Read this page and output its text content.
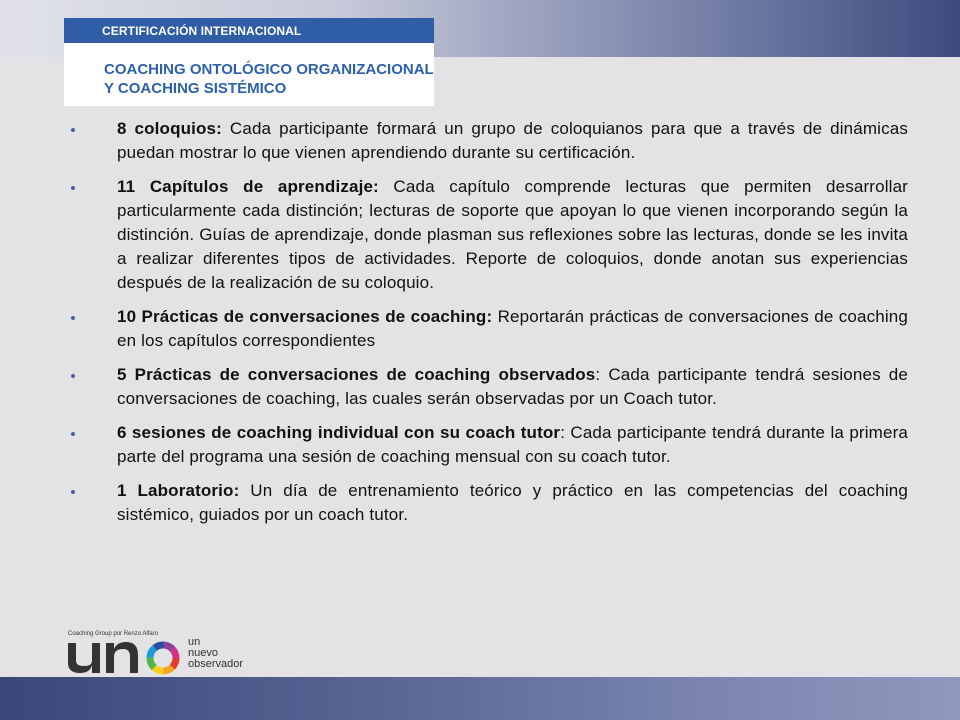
CERTIFICACIÓN INTERNACIONAL
COACHING ONTOLÓGICO ORGANIZACIONAL
Y COACHING SISTÉMICO
8 coloquios: Cada participante formará un grupo de coloquianos para que a través de dinámicas puedan mostrar lo que vienen aprendiendo durante su certificación.
11 Capítulos de aprendizaje: Cada capítulo comprende lecturas que permiten desarrollar particularmente cada distinción; lecturas de soporte que apoyan lo que vienen incorporando según la distinción. Guías de aprendizaje, donde plasman sus reflexiones sobre las lecturas, donde se les invita a realizar diferentes tipos de actividades. Reporte de coloquios, donde anotan sus experiencias después de la realización de su coloquio.
10 Prácticas de conversaciones de coaching: Reportarán prácticas de conversaciones de coaching en los capítulos correspondientes
5 Prácticas de conversaciones de coaching observados: Cada participante tendrá sesiones de conversaciones de coaching, las cuales serán observadas por un Coach tutor.
6 sesiones de coaching individual con su coach tutor: Cada participante tendrá durante la primera parte del programa una sesión de coaching mensual con su coach tutor.
1 Laboratorio: Un día de entrenamiento teórico y práctico en las competencias del coaching sistémico, guiados por un coach tutor.
Coaching Group por Renzo Alfaro
un
nuevo
observador
